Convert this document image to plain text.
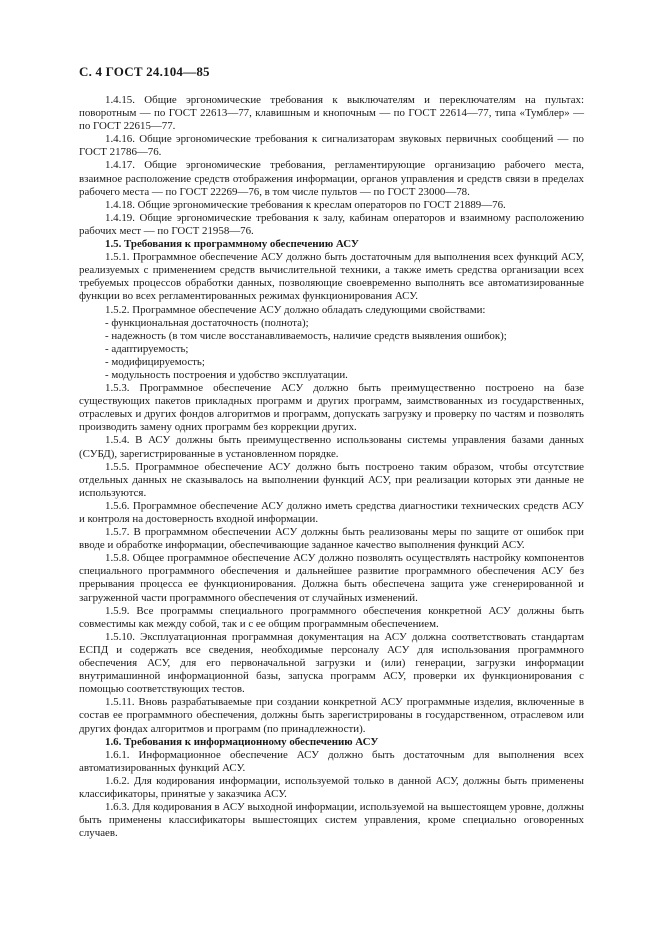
С. 4 ГОСТ 24.104—85

1.4.15. Общие эргономические требования к выключателям и переключателям на пультах: поворотным — по ГОСТ 22613—77, клавишным и кнопочным — по ГОСТ 22614—77, типа «Тумблер» — по ГОСТ 22615—77.

1.4.16. Общие эргономические требования к сигнализаторам звуковых первичных сообщений — по ГОСТ 21786—76.

1.4.17. Общие эргономические требования, регламентирующие организацию рабочего места, взаимное расположение средств отображения информации, органов управления и средств связи в пределах рабочего места — по ГОСТ 22269—76, в том числе пультов — по ГОСТ 23000—78.

1.4.18. Общие эргономические требования к креслам операторов по ГОСТ 21889—76.

1.4.19. Общие эргономические требования к залу, кабинам операторов и взаимному расположению рабочих мест — по ГОСТ 21958—76.

1.5. Требования к программному обеспечению АСУ

1.5.1. Программное обеспечение АСУ должно быть достаточным для выполнения всех функций АСУ, реализуемых с применением средств вычислительной техники, а также иметь средства организации всех требуемых процессов обработки данных, позволяющие своевременно выполнять все автоматизированные функции во всех регламентированных режимах функционирования АСУ.

1.5.2. Программное обеспечение АСУ должно обладать следующими свойствами:

- функциональная достаточность (полнота);

- надежность (в том числе восстанавливаемость, наличие средств выявления ошибок);

- адаптируемость;

- модифицируемость;

- модульность построения и удобство эксплуатации.

1.5.3. Программное обеспечение АСУ должно быть преимущественно построено на базе существующих пакетов прикладных программ и других программ, заимствованных из государственных, отраслевых и других фондов алгоритмов и программ, допускать загрузку и проверку по частям и позволять производить замену одних программ без коррекции других.

1.5.4. В АСУ должны быть преимущественно использованы системы управления базами данных (СУБД), зарегистрированные в установленном порядке.

1.5.5. Программное обеспечение АСУ должно быть построено таким образом, чтобы отсутствие отдельных данных не сказывалось на выполнении функций АСУ, при реализации которых эти данные не используются.

1.5.6. Программное обеспечение АСУ должно иметь средства диагностики технических средств АСУ и контроля на достоверность входной информации.

1.5.7. В программном обеспечении АСУ должны быть реализованы меры по защите от ошибок при вводе и обработке информации, обеспечивающие заданное качество выполнения функций АСУ.

1.5.8. Общее программное обеспечение АСУ должно позволять осуществлять настройку компонентов специального программного обеспечения и дальнейшее развитие программного обеспечения АСУ без прерывания процесса ее функционирования. Должна быть обеспечена защита уже сгенерированной и загруженной части программного обеспечения от случайных изменений.

1.5.9. Все программы специального программного обеспечения конкретной АСУ должны быть совместимы как между собой, так и с ее общим программным обеспечением.

1.5.10. Эксплуатационная программная документация на АСУ должна соответствовать стандартам ЕСПД и содержать все сведения, необходимые персоналу АСУ для использования программного обеспечения АСУ, для его первоначальной загрузки и (или) генерации, загрузки информации внутримашинной информационной базы, запуска программ АСУ, проверки их функционирования с помощью соответствующих тестов.

1.5.11. Вновь разрабатываемые при создании конкретной АСУ программные изделия, включенные в состав ее программного обеспечения, должны быть зарегистрированы в государственном, отраслевом или других фондах алгоритмов и программ (по принадлежности).

1.6. Требования к информационному обеспечению АСУ

1.6.1. Информационное обеспечение АСУ должно быть достаточным для выполнения всех автоматизированных функций АСУ.

1.6.2. Для кодирования информации, используемой только в данной АСУ, должны быть применены классификаторы, принятые у заказчика АСУ.

1.6.3. Для кодирования в АСУ выходной информации, используемой на вышестоящем уровне, должны быть применены классификаторы вышестоящих систем управления, кроме специально оговоренных случаев.
